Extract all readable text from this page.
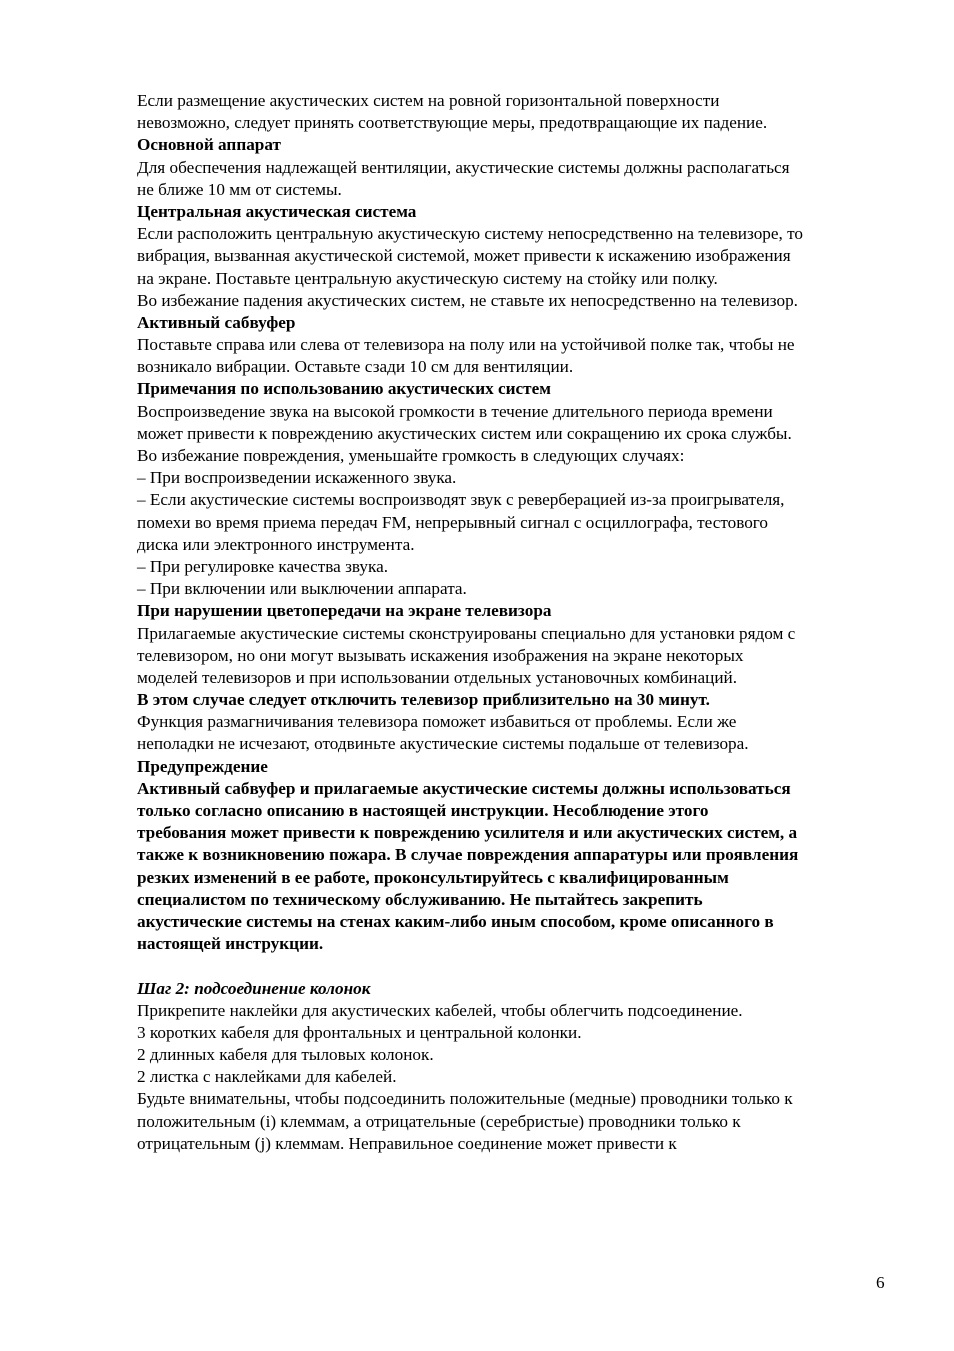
Если размещение акустических систем на ровной горизонтальной поверхности
невозможно, следует принять соответствующие меры, предотвращающие их падение.
Основной аппарат
Для обеспечения надлежащей вентиляции, акустические системы должны располагаться
не ближе 10 мм от системы.
Центральная акустическая система
Если расположить центральную акустическую систему непосредственно на телевизоре, то
вибрация, вызванная акустической системой, может привести к искажению изображения
на экране. Поставьте центральную акустическую систему на стойку или полку.
Во избежание падения акустических систем, не ставьте их непосредственно на телевизор.
Активный сабвуфер
Поставьте справа или слева от телевизора на полу или на устойчивой полке так, чтобы не
возникало вибрации. Оставьте сзади 10 см для вентиляции.
Примечания по использованию акустических систем
Воспроизведение звука на высокой громкости в течение длительного периода времени
может привести к повреждению акустических систем или сокращению их срока службы.
Во избежание повреждения, уменьшайте громкость в следующих случаях:
– При воспроизведении искаженного звука.
– Если акустические системы воспроизводят звук с реверберацией из-за проигрывателя,
помехи во время приема передач FM, непрерывный сигнал с осциллографа, тестового
диска или электронного инструмента.
– При регулировке качества звука.
– При включении или выключении аппарата.
При нарушении цветопередачи на экране телевизора
Прилагаемые акустические системы сконструированы специально для установки рядом с
телевизором, но они могут вызывать искажения изображения на экране некоторых
моделей телевизоров и при использовании отдельных установочных комбинаций.
В этом случае следует отключить телевизор приблизительно на 30 минут.
Функция размагничивания телевизора поможет избавиться от проблемы. Если же
неполадки не исчезают, отодвиньте акустические системы подальше от телевизора.
Предупреждение
Активный сабвуфер и прилагаемые акустические системы должны использоваться
только согласно описанию в настоящей инструкции. Несоблюдение этого
требования может привести к повреждению усилителя и или акустических систем, а
также к возникновению пожара. В случае повреждения аппаратуры или проявления
резких изменений в ее работе, проконсультируйтесь с квалифицированным
специалистом по техническому обслуживанию. Не пытайтесь закрепить
акустические системы на стенах каким-либо иным способом, кроме описанного в
настоящей инструкции.
Шаг 2: подсоединение колонок
Прикрепите наклейки для акустических кабелей, чтобы облегчить подсоединение.
3 коротких кабеля для фронтальных и центральной колонки.
2 длинных кабеля для тыловых колонок.
2 листка с наклейками для кабелей.
Будьте внимательны, чтобы подсоединить положительные (медные) проводники только к
положительным (i) клеммам, а отрицательные (серебристые) проводники только к
отрицательным (j) клеммам. Неправильное соединение может привести к
6
